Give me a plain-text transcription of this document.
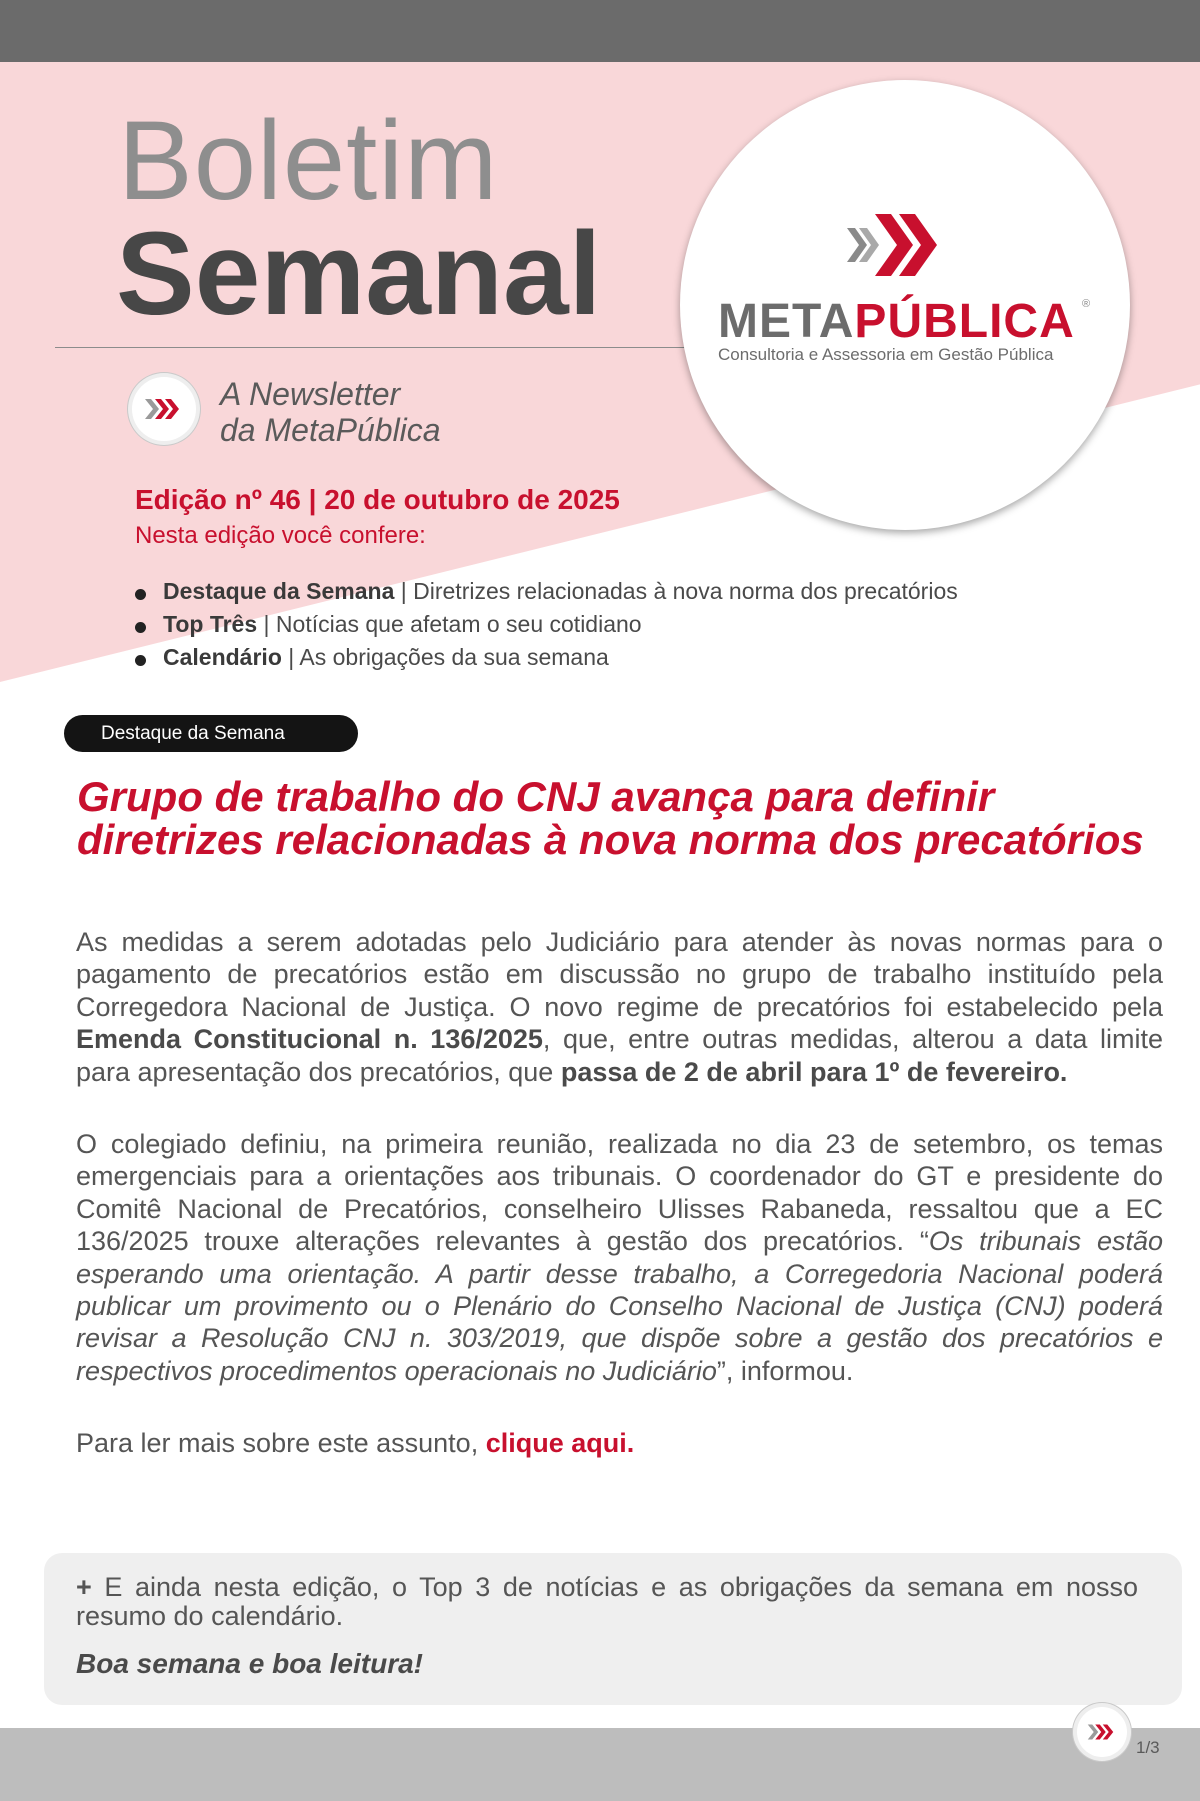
Boletim
Semanal
A Newsletter
da MetaPública
METAPÚBLICA ®
Consultoria e Assessoria em Gestão Pública
Edição nº 46 | 20 de outubro de 2025
Nesta edição você confere:
Destaque da Semana | Diretrizes relacionadas à nova norma dos precatórios
Top Três | Notícias que afetam o seu cotidiano
Calendário | As obrigações da sua semana
Destaque da Semana
Grupo de trabalho do CNJ avança para definir diretrizes relacionadas à nova norma dos precatórios

As medidas a serem adotadas pelo Judiciário para atender às novas normas para o pagamento de precatórios estão em discussão no grupo de trabalho instituído pela Corregedora Nacional de Justiça. O novo regime de precatórios foi estabelecido pela Emenda Constitucional n. 136/2025, que, entre outras medidas, alterou a data limite para apresentação dos precatórios, que passa de 2 de abril para 1º de fevereiro.

O colegiado definiu, na primeira reunião, realizada no dia 23 de setembro, os temas emergenciais para a orientações aos tribunais. O coordenador do GT e presidente do Comitê Nacional de Precatórios, conselheiro Ulisses Rabaneda, ressaltou que a EC 136/2025 trouxe alterações relevantes à gestão dos precatórios. “Os tribunais estão esperando uma orientação. A partir desse trabalho, a Corregedoria Nacional poderá publicar um provimento ou o Plenário do Conselho Nacional de Justiça (CNJ) poderá revisar a Resolução CNJ n. 303/2019, que dispõe sobre a gestão dos precatórios e respectivos procedimentos operacionais no Judiciário”, informou.

Para ler mais sobre este assunto, clique aqui.

+ E ainda nesta edição, o Top 3 de notícias e as obrigações da semana em nosso resumo do calendário.
Boa semana e boa leitura!
1/3
